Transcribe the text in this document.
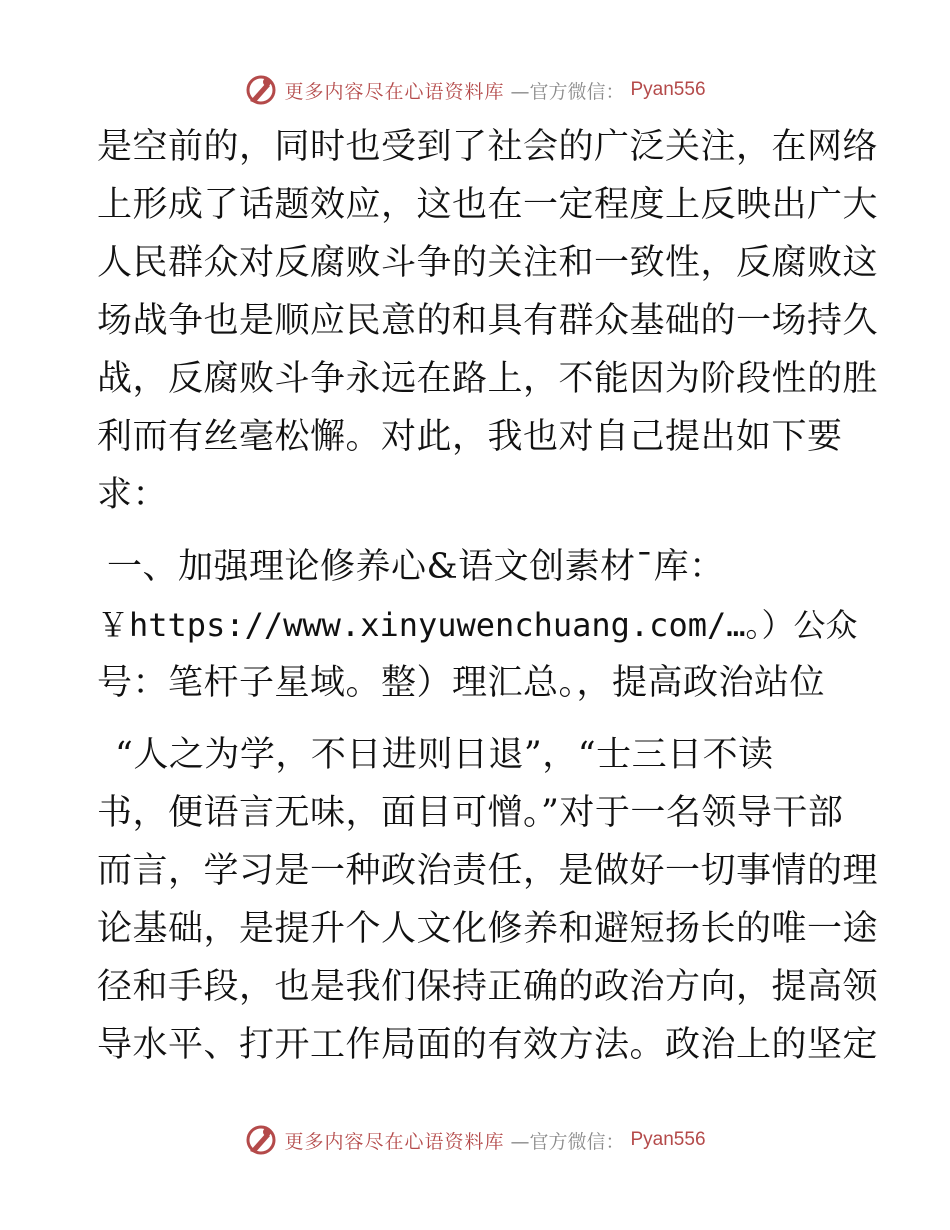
更多内容尽在心语资料库 —官方微信： Pyan556
是空前的，同时也受到了社会的广泛关注，在网络
上形成了话题效应，这也在一定程度上反映出广大
人民群众对反腐败斗争的关注和一致性，反腐败这
场战争也是顺应民意的和具有群众基础的一场持久
战，反腐败斗争永远在路上，不能因为阶段性的胜
利而有丝毫松懈。对此，我也对自己提出如下要
求：
一、加强理论修养心&语文创素材¯库：
￥https://www.xinyuwenchuang.com/…。）公众
号：笔杆子星域。整）理汇总。，提高政治站位
“人之为学，不日进则日退”，“士三日不读
书，便语言无味，面目可憎。”对于一名领导干部
而言，学习是一种政治责任，是做好一切事情的理
论基础，是提升个人文化修养和避短扬长的唯一途
径和手段，也是我们保持正确的政治方向，提高领
导水平、打开工作局面的有效方法。政治上的坚定
更多内容尽在心语资料库 —官方微信： Pyan556
